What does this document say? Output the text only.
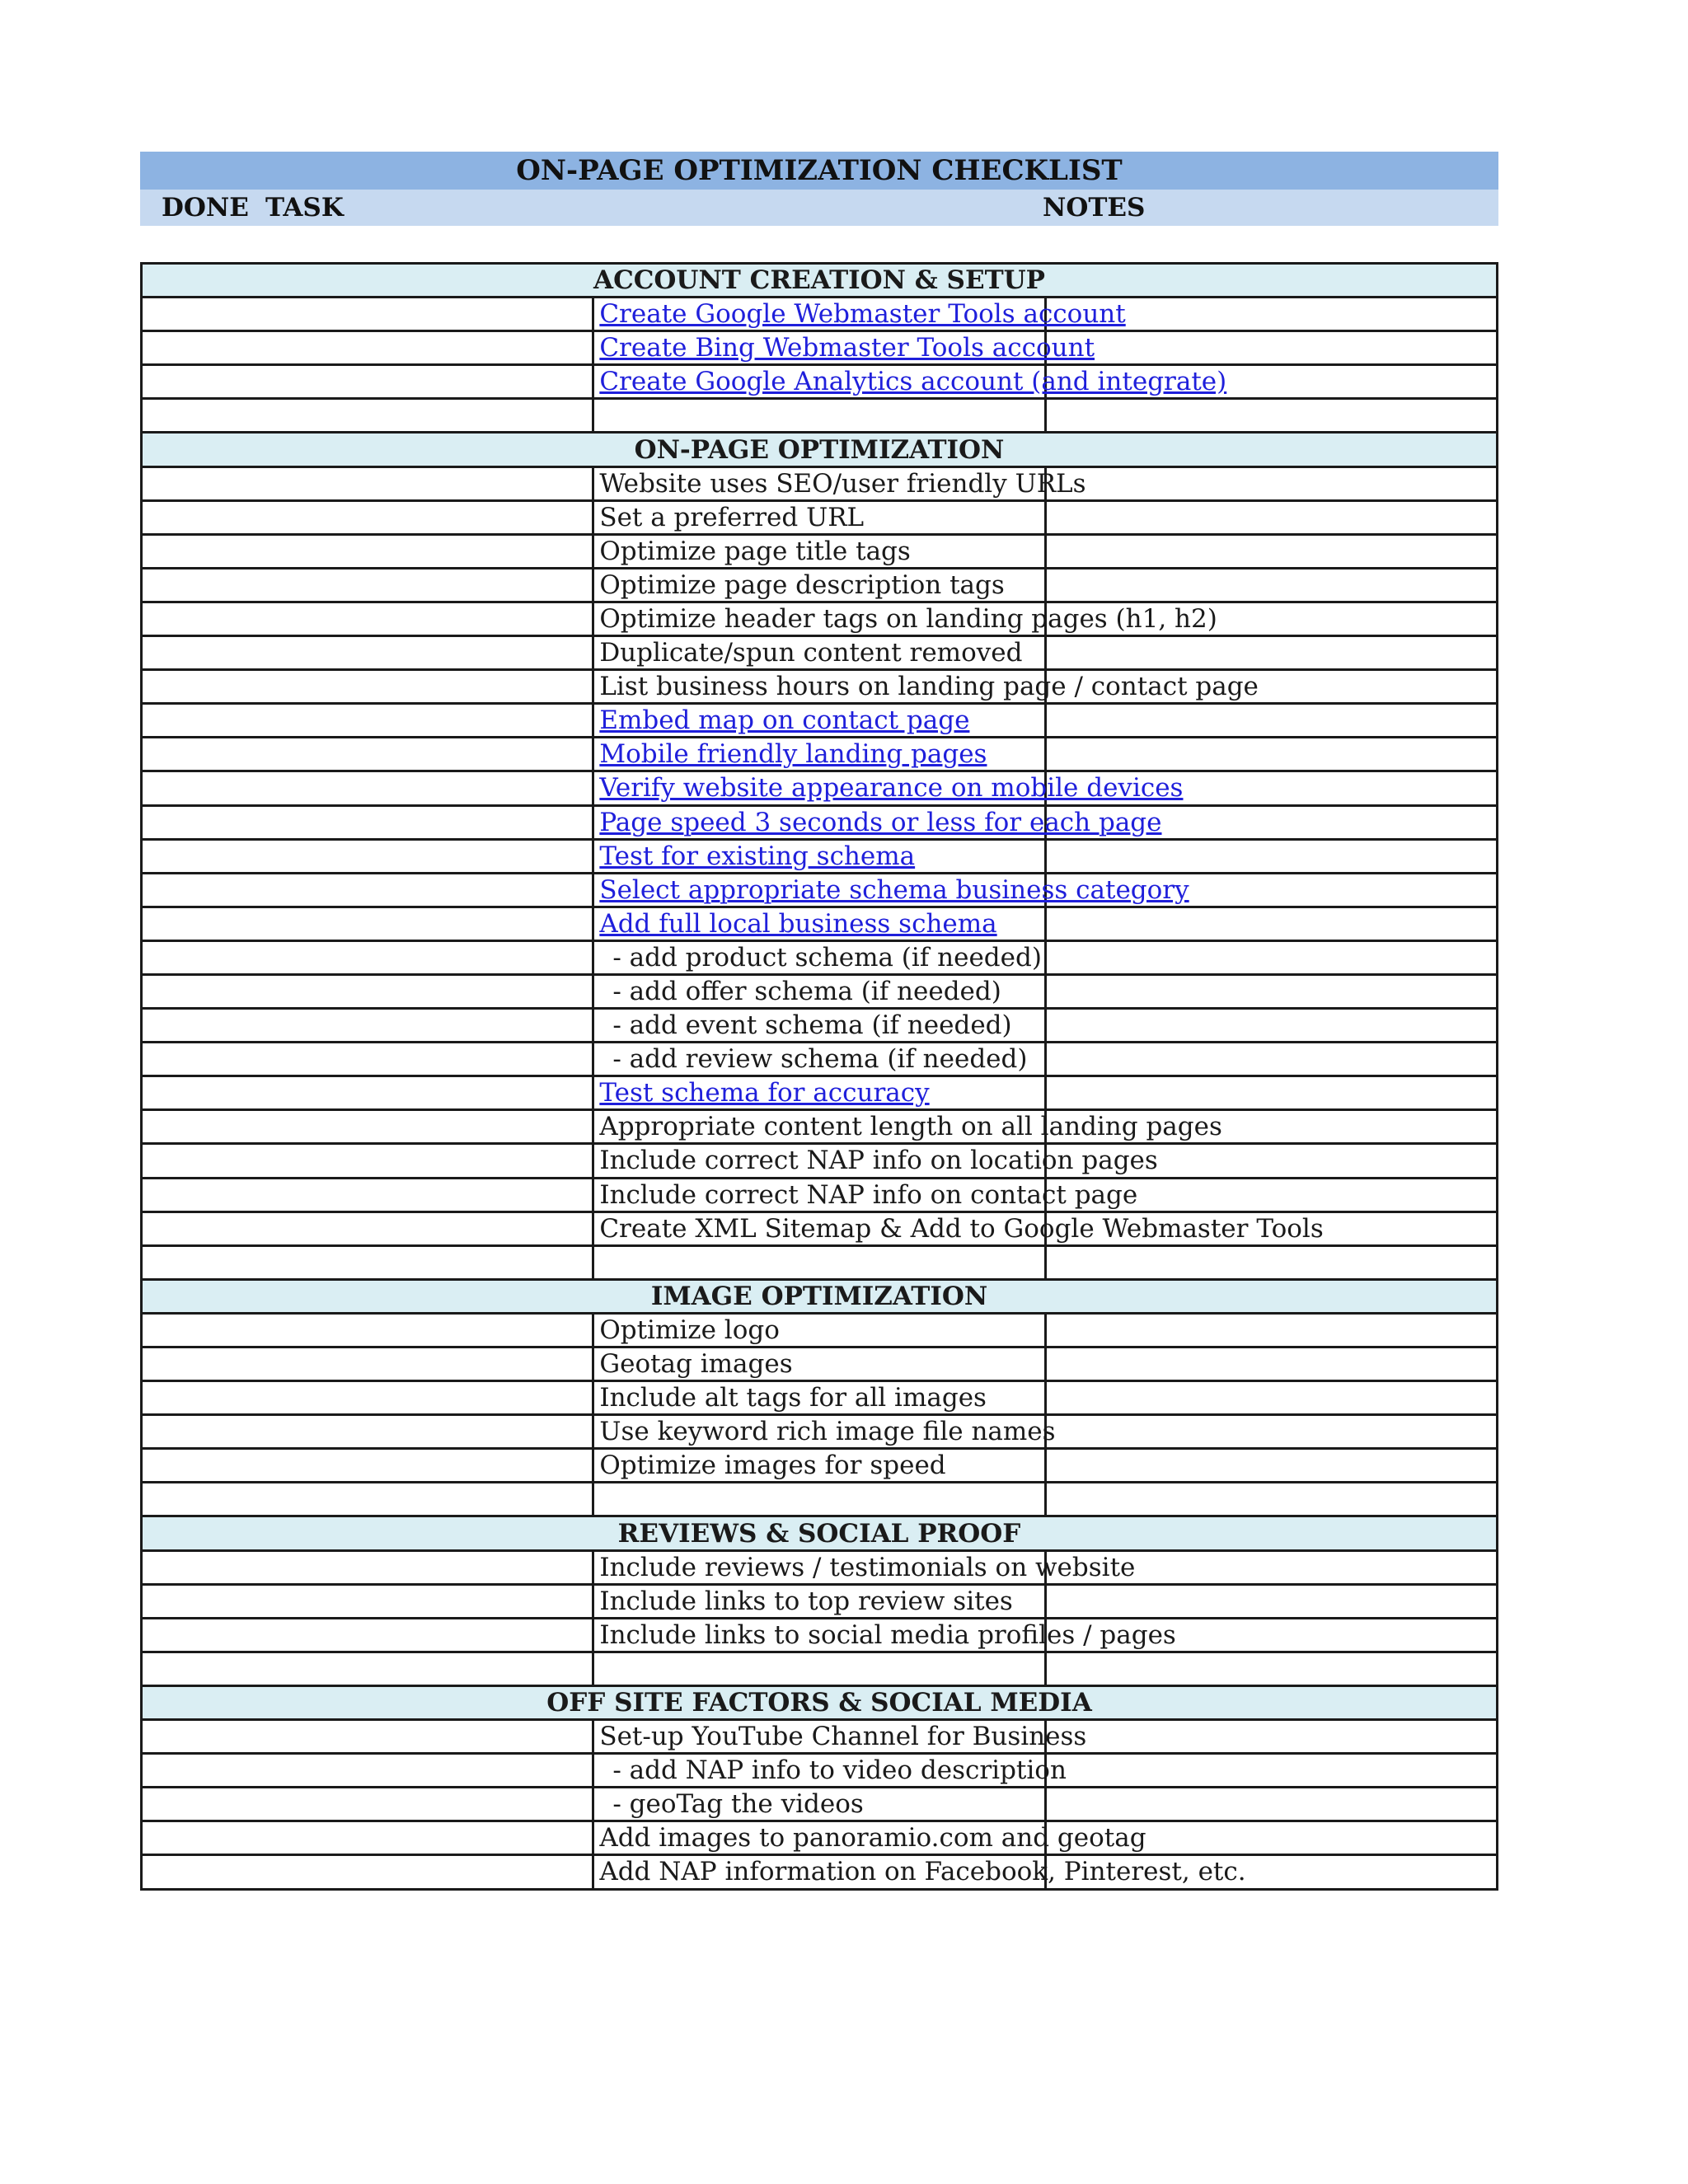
ON-PAGE OPTIMIZATION CHECKLIST
DONE TASK	NOTES
ACCOUNT CREATION & SETUP		
	Create Google Webmaster Tools account	
	Create Bing Webmaster Tools account	
	Create Google Analytics account (and integrate)	

ON-PAGE OPTIMIZATION		
	Website uses SEO/user friendly URLs	
	Set a preferred URL	
	Optimize page title tags	
	Optimize page description tags	
	Optimize header tags on landing pages (h1, h2)	
	Duplicate/spun content removed	
	List business hours on landing page / contact page	
	Embed map on contact page	
	Mobile friendly landing pages	
	Verify website appearance on mobile devices	
	Page speed 3 seconds or less for each page	
	Test for existing schema	
	Select appropriate schema business category	
	Add full local business schema	
	- add product schema (if needed)	
	- add offer schema (if needed)	
	- add event schema (if needed)	
	- add review schema (if needed)	
	Test schema for accuracy	
	Appropriate content length on all landing pages	
	Include correct NAP info on location pages	
	Include correct NAP info on contact page	
	Create XML Sitemap & Add to Google Webmaster Tools	

IMAGE OPTIMIZATION		
	Optimize logo	
	Geotag images	
	Include alt tags for all images	
	Use keyword rich image file names	
	Optimize images for speed	

REVIEWS & SOCIAL PROOF		
	Include reviews / testimonials on website	
	Include links to top review sites	
	Include links to social media profiles / pages	

OFF SITE FACTORS & SOCIAL MEDIA		
	Set-up YouTube Channel for Business	
	- add NAP info to video description	
	- geoTag the videos	
	Add images to panoramio.com and geotag	
	Add NAP information on Facebook, Pinterest, etc.	
